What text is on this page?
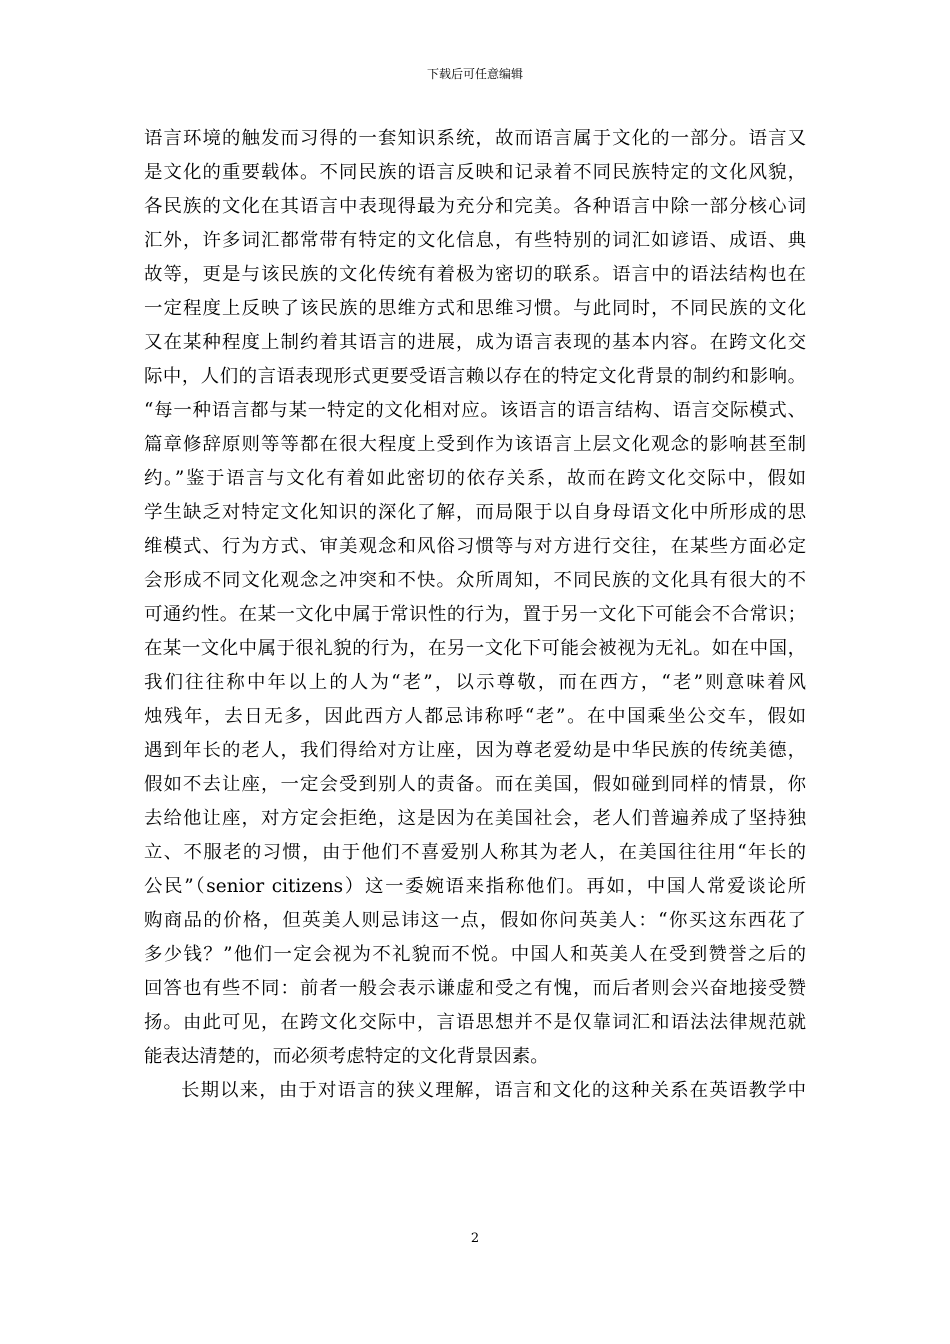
下载后可任意编辑
语言环境的触发而习得的一套知识系统，故而语言属于文化的一部分。语言又
是文化的重要载体。不同民族的语言反映和记录着不同民族特定的文化风貌，
各民族的文化在其语言中表现得最为充分和完美。各种语言中除一部分核心词
汇外，许多词汇都常带有特定的文化信息，有些特别的词汇如谚语、成语、典
故等，更是与该民族的文化传统有着极为密切的联系。语言中的语法结构也在
一定程度上反映了该民族的思维方式和思维习惯。与此同时，不同民族的文化
又在某种程度上制约着其语言的进展，成为语言表现的基本内容。在跨文化交
际中，人们的言语表现形式更要受语言赖以存在的特定文化背景的制约和影响。
“每一种语言都与某一特定的文化相对应。该语言的语言结构、语言交际模式、
篇章修辞原则等等都在很大程度上受到作为该语言上层文化观念的影响甚至制
约。”鉴于语言与文化有着如此密切的依存关系，故而在跨文化交际中，假如
学生缺乏对特定文化知识的深化了解，而局限于以自身母语文化中所形成的思
维模式、行为方式、审美观念和风俗习惯等与对方进行交往，在某些方面必定
会形成不同文化观念之冲突和不快。众所周知，不同民族的文化具有很大的不
可通约性。在某一文化中属于常识性的行为，置于另一文化下可能会不合常识；
在某一文化中属于很礼貌的行为，在另一文化下可能会被视为无礼。如在中国，
我们往往称中年以上的人为“老”，以示尊敬，而在西方，“老”则意味着风
烛残年，去日无多，因此西方人都忌讳称呼“老”。在中国乘坐公交车，假如
遇到年长的老人，我们得给对方让座，因为尊老爱幼是中华民族的传统美德，
假如不去让座，一定会受到别人的责备。而在美国，假如碰到同样的情景，你
去给他让座，对方定会拒绝，这是因为在美国社会，老人们普遍养成了坚持独
立、不服老的习惯，由于他们不喜爱别人称其为老人，在美国往往用“年长的
公民”（senior citizens）这一委婉语来指称他们。再如，中国人常爱谈论所
购商品的价格，但英美人则忌讳这一点，假如你问英美人：“你买这东西花了
多少钱？”他们一定会视为不礼貌而不悦。中国人和英美人在受到赞誉之后的
回答也有些不同：前者一般会表示谦虚和受之有愧，而后者则会兴奋地接受赞
扬。由此可见，在跨文化交际中，言语思想并不是仅靠词汇和语法法律规范就
能表达清楚的，而必须考虑特定的文化背景因素。
长期以来，由于对语言的狭义理解，语言和文化的这种关系在英语教学中
2
